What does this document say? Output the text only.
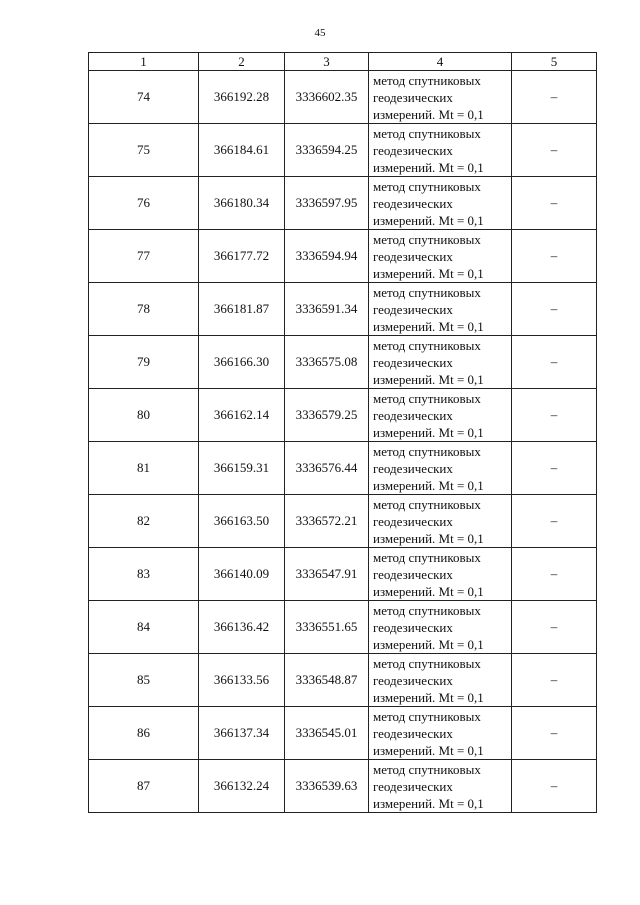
45
1	2	3	4	5
74	366192.28	3336602.35	метод спутниковых
геодезических
измерений. Mt = 0,1	–
75	366184.61	3336594.25	метод спутниковых
геодезических
измерений. Mt = 0,1	–
76	366180.34	3336597.95	метод спутниковых
геодезических
измерений. Mt = 0,1	–
77	366177.72	3336594.94	метод спутниковых
геодезических
измерений. Mt = 0,1	–
78	366181.87	3336591.34	метод спутниковых
геодезических
измерений. Mt = 0,1	–
79	366166.30	3336575.08	метод спутниковых
геодезических
измерений. Mt = 0,1	–
80	366162.14	3336579.25	метод спутниковых
геодезических
измерений. Mt = 0,1	–
81	366159.31	3336576.44	метод спутниковых
геодезических
измерений. Mt = 0,1	–
82	366163.50	3336572.21	метод спутниковых
геодезических
измерений. Mt = 0,1	–
83	366140.09	3336547.91	метод спутниковых
геодезических
измерений. Mt = 0,1	–
84	366136.42	3336551.65	метод спутниковых
геодезических
измерений. Mt = 0,1	–
85	366133.56	3336548.87	метод спутниковых
геодезических
измерений. Mt = 0,1	–
86	366137.34	3336545.01	метод спутниковых
геодезических
измерений. Mt = 0,1	–
87	366132.24	3336539.63	метод спутниковых
геодезических
измерений. Mt = 0,1	–
